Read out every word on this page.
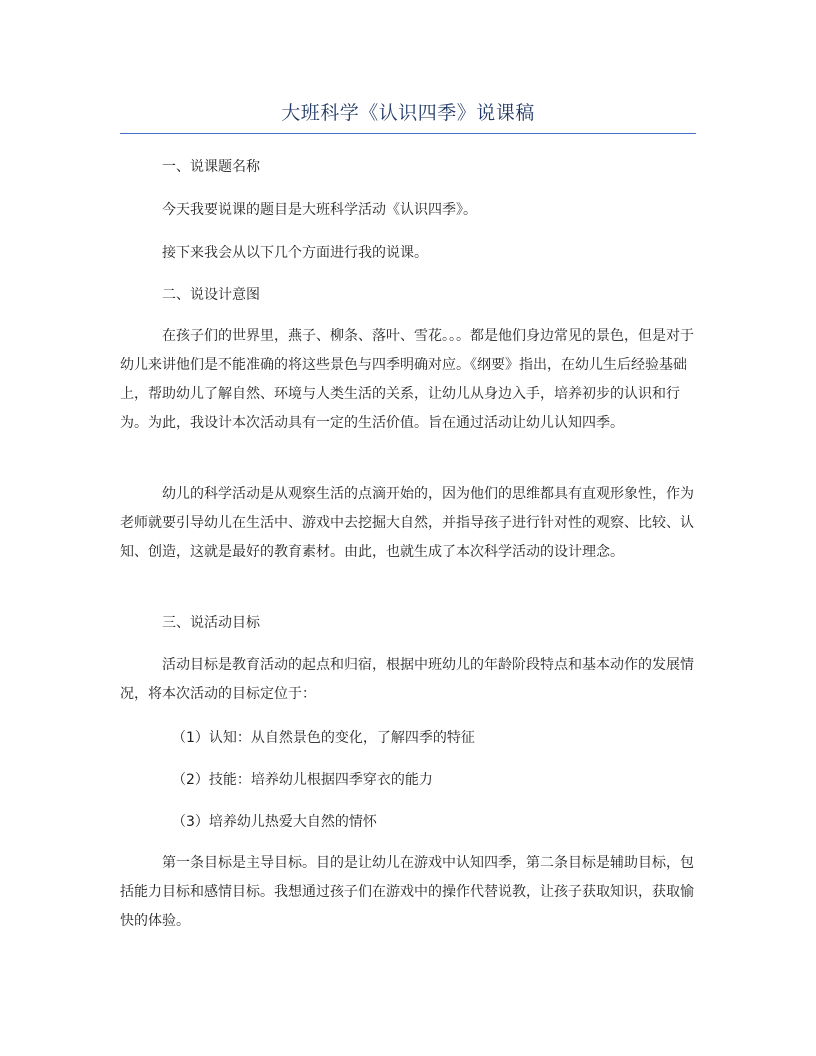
大班科学《认识四季》说课稿

一、说课题名称

今天我要说课的题目是大班科学活动《认识四季》。

接下来我会从以下几个方面进行我的说课。

二、说设计意图

在孩子们的世界里，燕子、柳条、落叶、雪花。。。都是他们身边常见的景色，但是对于幼儿来讲他们是不能准确的将这些景色与四季明确对应。《纲要》指出，在幼儿生后经验基础上，帮助幼儿了解自然、环境与人类生活的关系，让幼儿从身边入手，培养初步的认识和行为。为此，我设计本次活动具有一定的生活价值。旨在通过活动让幼儿认知四季。

幼儿的科学活动是从观察生活的点滴开始的，因为他们的思维都具有直观形象性，作为老师就要引导幼儿在生活中、游戏中去挖掘大自然，并指导孩子进行针对性的观察、比较、认知、创造，这就是最好的教育素材。由此，也就生成了本次科学活动的设计理念。

三、说活动目标

活动目标是教育活动的起点和归宿，根据中班幼儿的年龄阶段特点和基本动作的发展情况，将本次活动的目标定位于：

（1）认知：从自然景色的变化，了解四季的特征

（2）技能：培养幼儿根据四季穿衣的能力

（3）培养幼儿热爱大自然的情怀

第一条目标是主导目标。目的是让幼儿在游戏中认知四季，第二条目标是辅助目标，包括能力目标和感情目标。我想通过孩子们在游戏中的操作代替说教，让孩子获取知识，获取愉快的体验。
